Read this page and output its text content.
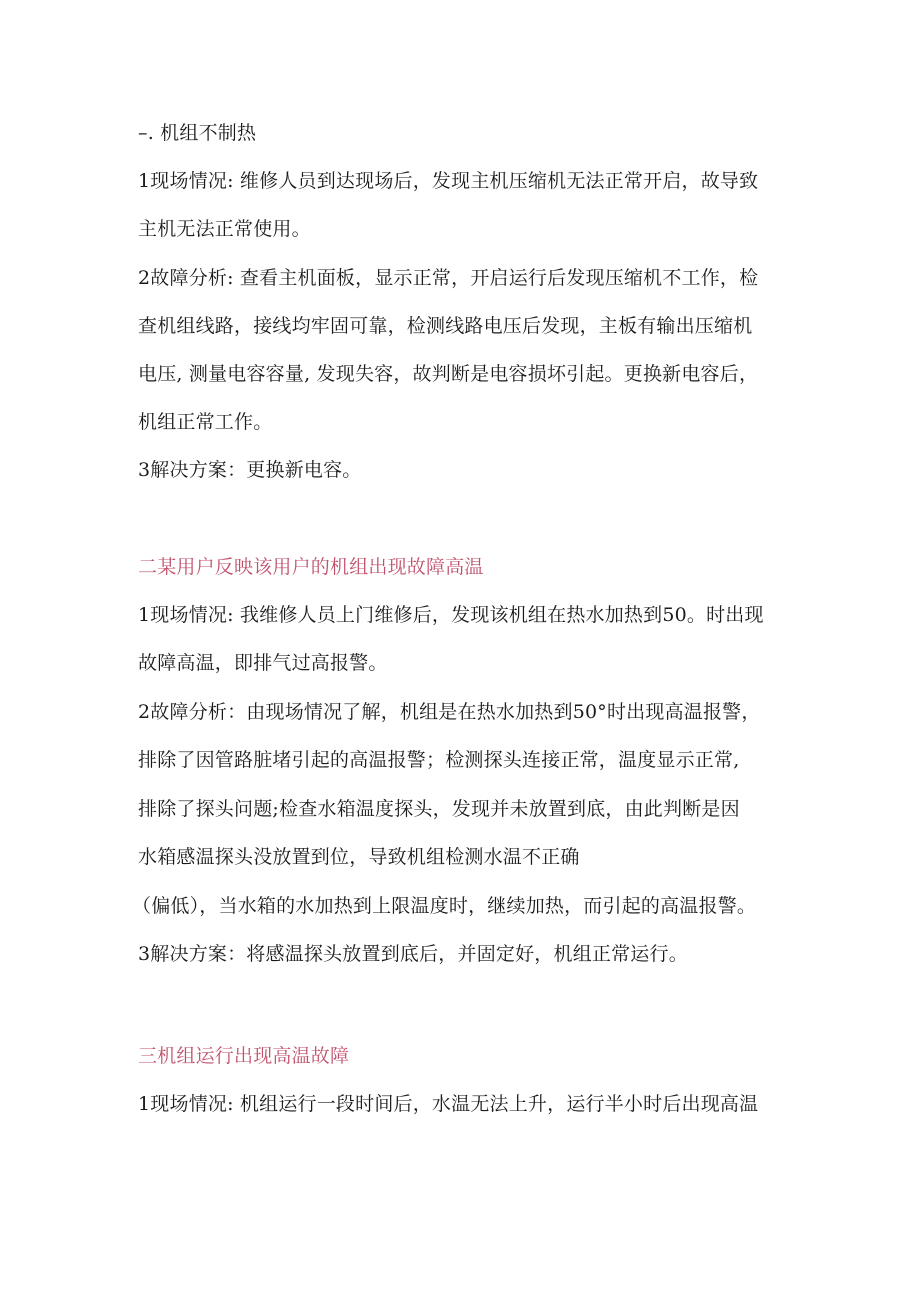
–. 机组不制热
1现场情况: 维修人员到达现场后，发现主机压缩机无法正常开启，故导致
主机无法正常使用。
2故障分析: 查看主机面板，显示正常，开启运行后发现压缩机不工作，检
查机组线路，接线均牢固可靠，检测线路电压后发现，主板有输出压缩机
电压, 测量电容容量, 发现失容，故判断是电容损坏引起。更换新电容后，
机组正常工作。
3解决方案：更换新电容。
二某用户反映该用户的机组出现故障高温
1现场情况: 我维修人员上门维修后，发现该机组在热水加热到50。时出现
故障高温，即排气过高报警。
2故障分析：由现场情况了解，机组是在热水加热到50°时出现高温报警，
排除了因管路脏堵引起的高温报警；检测探头连接正常，温度显示正常,
排除了探头问题;检查水箱温度探头，发现并未放置到底，由此判断是因
水箱感温探头没放置到位，导致机组检测水温不正确
（偏低），当水箱的水加热到上限温度时，继续加热，而引起的高温报警。
3解决方案：将感温探头放置到底后，并固定好，机组正常运行。
三机组运行出现高温故障
1现场情况: 机组运行一段时间后，水温无法上升，运行半小时后出现高温
